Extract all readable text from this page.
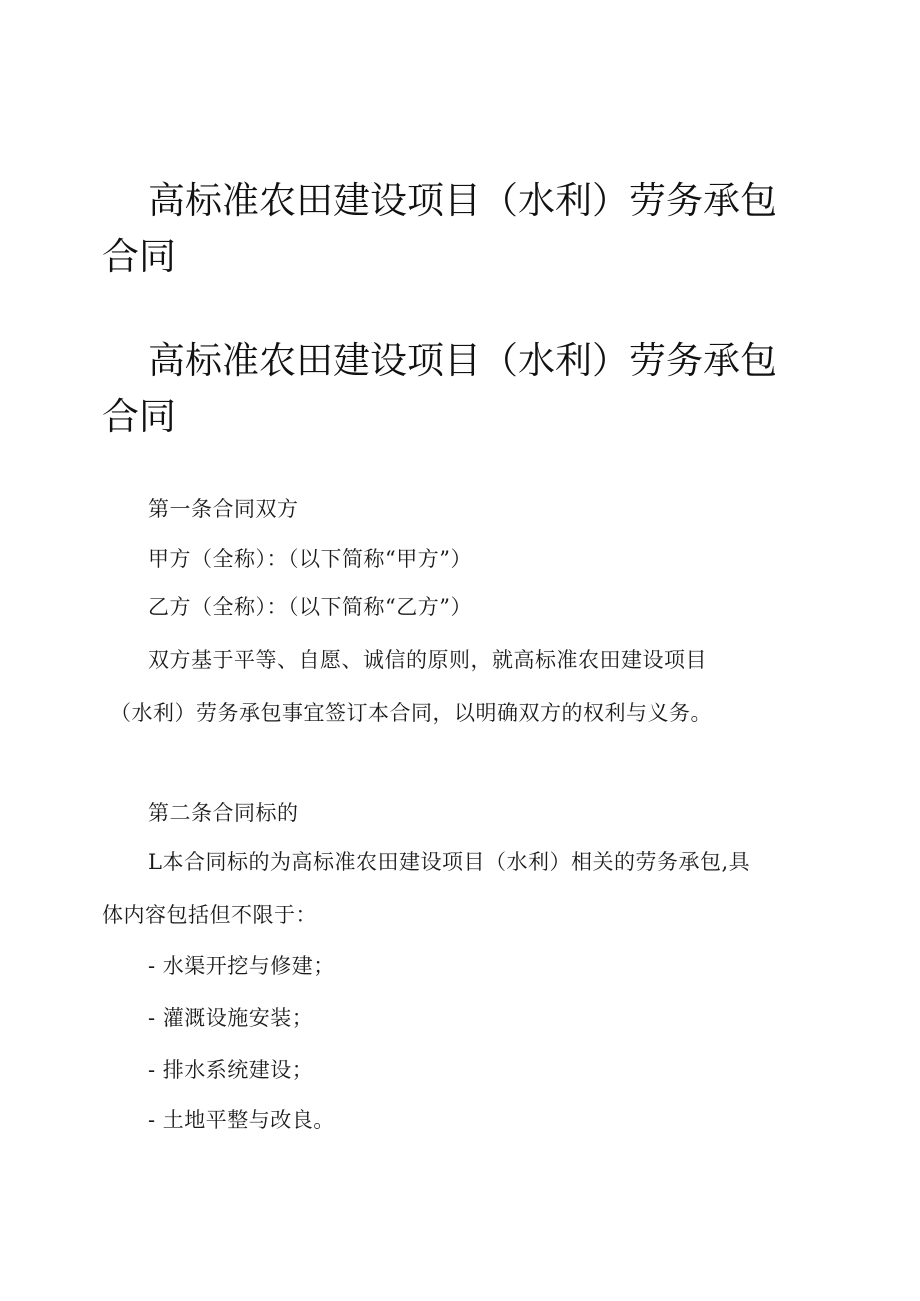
高标准农田建设项目（水利）劳务承包合同
高标准农田建设项目（水利）劳务承包合同

第一条合同双方

甲方（全称）：（以下简称“甲方”）

乙方（全称）：（以下简称“乙方”）

双方基于平等、自愿、诚信的原则，就高标准农田建设项目

（水利）劳务承包事宜签订本合同，以明确双方的权利与义务。

第二条合同标的

L本合同标的为高标准农田建设项目（水利）相关的劳务承包,具

体内容包括但不限于：

- 水渠开挖与修建；

- 灌溉设施安装；

- 排水系统建设；

- 土地平整与改良。
